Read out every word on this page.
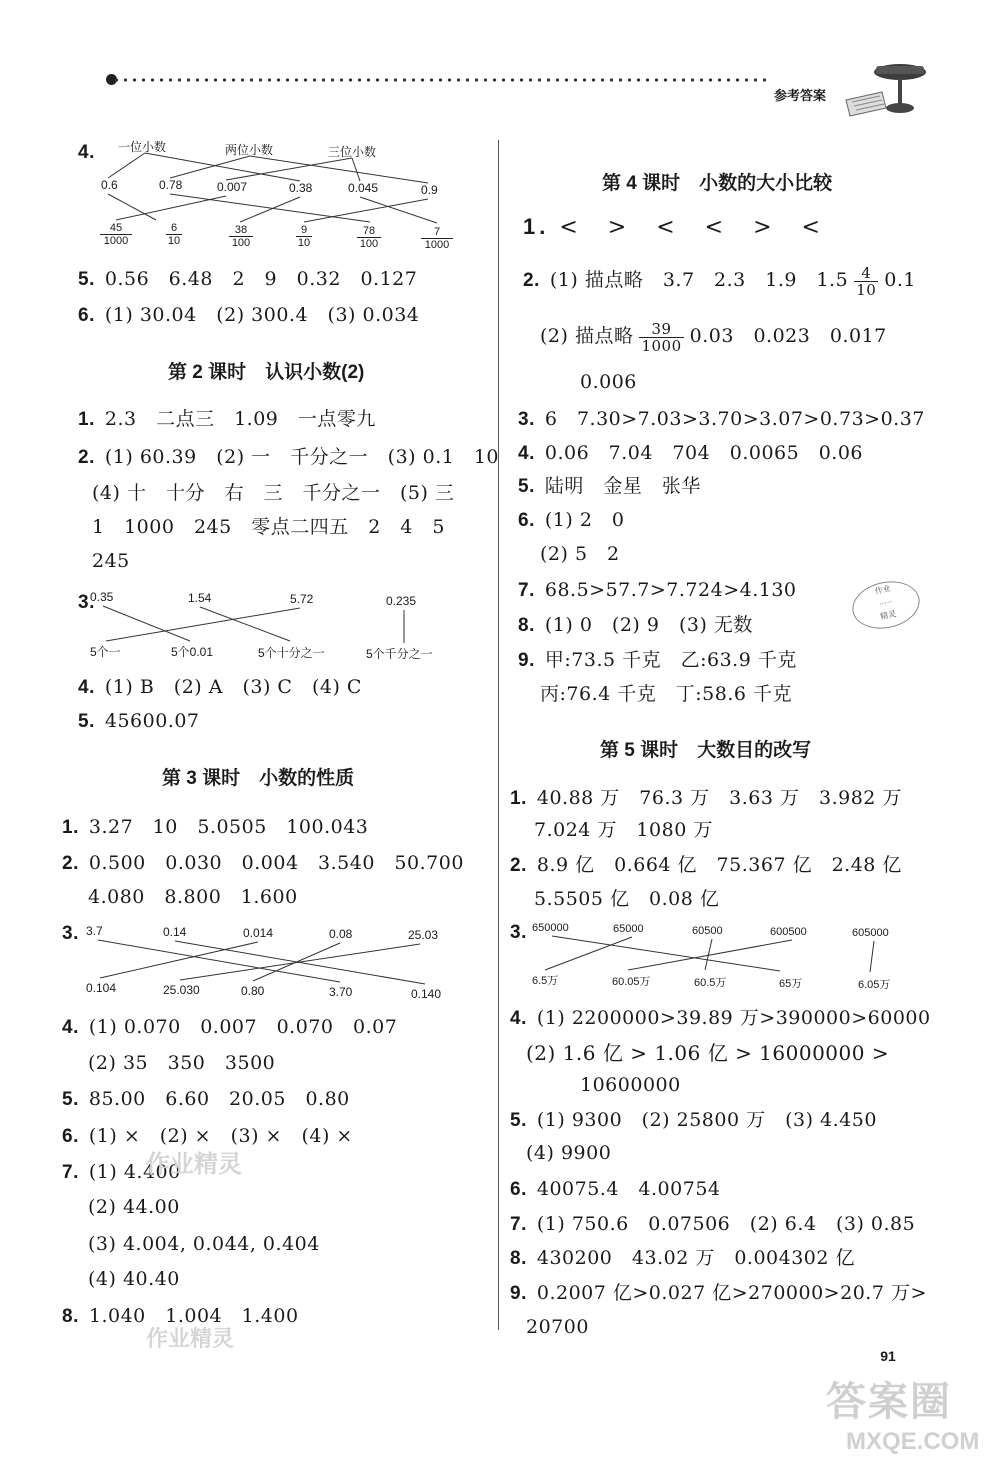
参考答案
4.	一位小数	两位小数	三位小数
0.6	0.78	0.007	0.38	0.045	0.9
45
1000
6
10
38
100
9
10
78
100
7
1000
5. 0.56　6.48　2　9　0.32　0.127
6. (1) 30.04　(2) 300.4　(3) 0.034
第 2 课时　认识小数(2)
1. 2.3　二点三　1.09　一点零九
2. (1) 60.39　(2) 一　千分之一　(3) 0.1　10
(4) 十　十分　右　三　千分之一　(5) 三
1　1000　245　零点二四五　2　4　5
245
3.
0.35	1.54	5.72	0.235
5个一	5个0.01	5个十分之一	5个千分之一
4. (1) B　(2) A　(3) C　(4) C
5. 45600.07
第 3 课时　小数的性质
1. 3.27　10　5.0505　100.043
2. 0.500　0.030　0.004　3.540　50.700
4.080　8.800　1.600
3. 3.7	0.14	0.014	0.08	25.03
0.104	25.030	0.80	3.70	0.140
4. (1) 0.070　0.007　0.070　0.07
(2) 35　350　3500
5. 85.00　6.60　20.05　0.80
6. (1) ×　(2) ×　(3) ×　(4) ×
7. (1) 4.400
(2) 44.00
(3) 4.004, 0.044, 0.404
(4) 40.40
8. 1.040　1.004　1.400
作业精灵
作业精灵
第 4 课时　小数的大小比较
1. <　>　<　<　>　<
2. (1) 描点略　3.7　2.3　1.9　$1.5 \frac{4}{10} 0.1$
(2) 描点略 $\frac{39}{1000} 0.03$　0.023　0.017
0.006
3. 6　7.30>7.03>3.70>3.07>0.73>0.37
4. 0.06　7.04　704　0.0065　0.06
5. 陆明　金星　张华
6. (1) 2　0
(2) 5　2
7. 68.5>57.7>7.724>4.130
8. (1) 0　(2) 9　(3) 无数
9. 甲:73.5 千克　乙:63.9 千克
丙:76.4 千克　丁:58.6 千克
作业
·····
精灵
第 5 课时　大数目的改写
1. 40.88 万　76.3 万　3.63 万　3.982 万
7.024 万　1080 万
2. 8.9 亿　0.664 亿　75.367 亿　2.48 亿
5.5505 亿　0.08 亿
3. 650000	65000	60500	600500	605000
6.5万	60.05万	60.5万	65万	6.05万
4. (1) 2200000>39.89 万>390000>60000
(2) 1.6 亿 > 1.06 亿 > 16000000 >
10600000
5. (1) 9300　(2) 25800 万　(3) 4.450
(4) 9900
6. 40075.4　4.00754
7. (1) 750.6　0.07506　(2) 6.4　(3) 0.85
8. 430200　43.02 万　0.004302 亿
9. 0.2007 亿>0.027 亿>270000>20.7 万>
20700
91
答案圈
MXQE.COM
